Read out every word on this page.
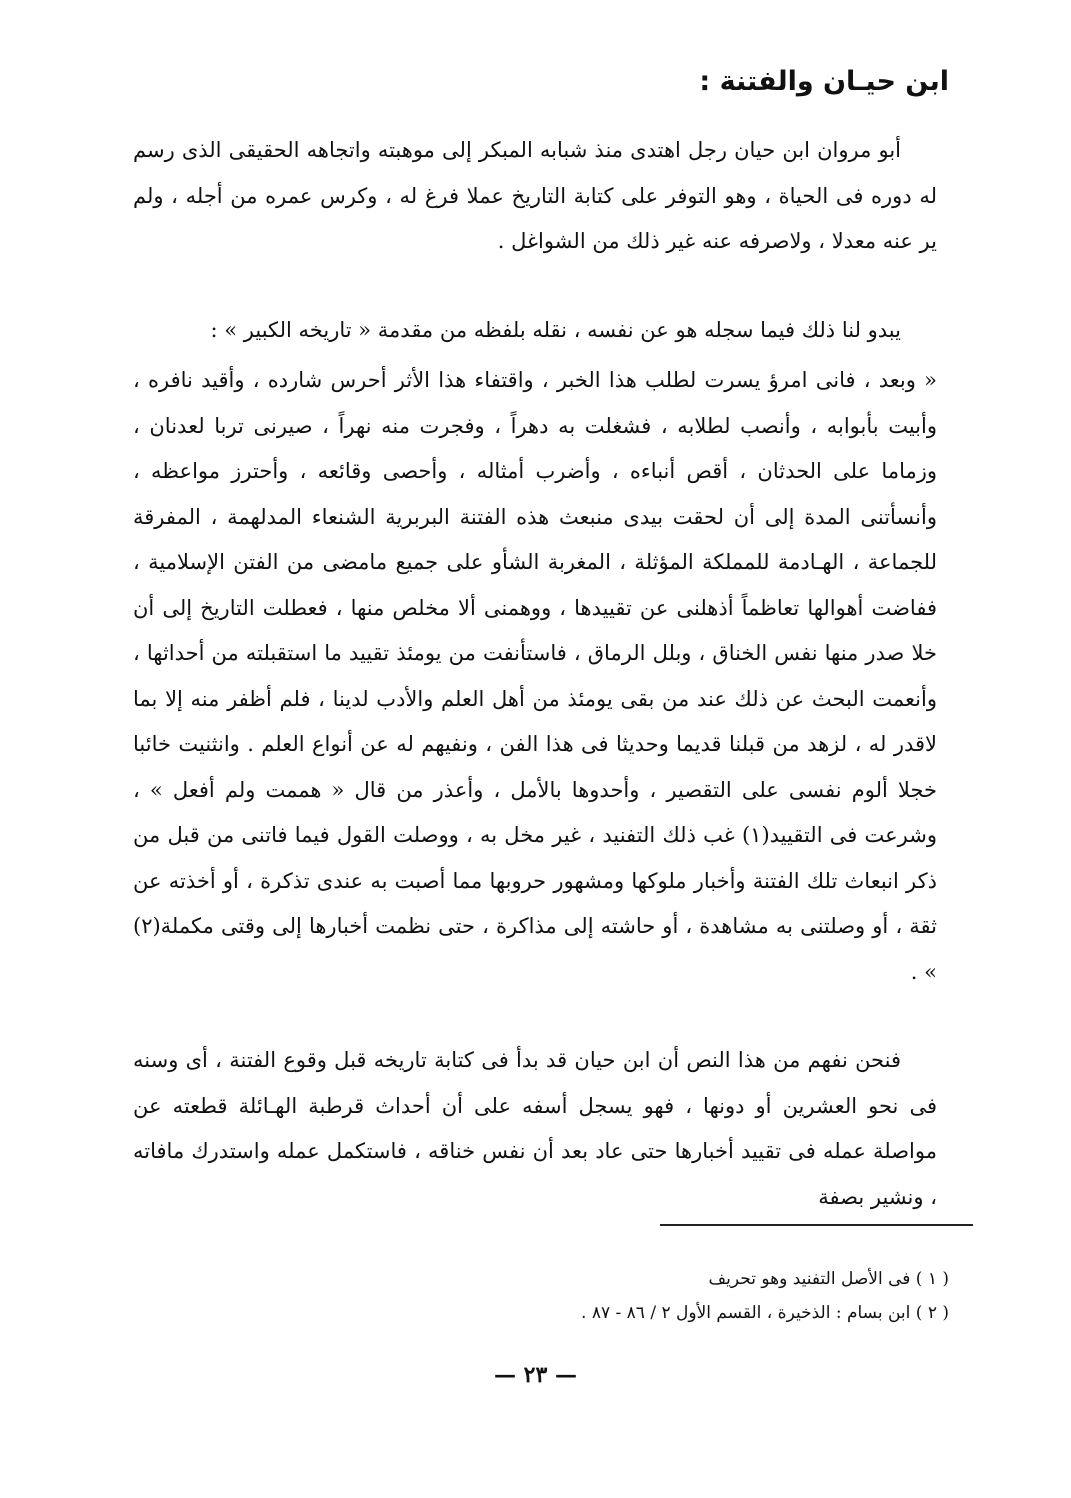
ابن حيـان والفتنة :

أبو مروان ابن حيان رجل اهتدى منذ شبابه المبكر إلى موهبته واتجاهه الحقيقى الذى رسم له دوره فى الحياة ، وهو التوفر على كتابة التاريخ عملا فرغ له ، وكرس عمره من أجله ، ولم ير عنه معدلا ، ولاصرفه عنه غير ذلك من الشواغل .

يبدو لنا ذلك فيما سجله هو عن نفسه ، نقله بلفظه من مقدمة « تاريخه الكبير » :

« وبعد ، فانى امرؤ يسرت لطلب هذا الخبر ، واقتفاء هذا الأثر أحرس شارده ، وأقيد نافره ، وأبيت بأبوابه ، وأنصب لطلابه ، فشغلت به دهراً ، وفجرت منه نهراً ، صيرنى تربا لعدنان ، وزماما على الحدثان ، أقص أنباءه ، وأضرب أمثاله ، وأحصى وقائعه ، وأحترز مواعظه ، وأنسأتنى المدة إلى أن لحقت بيدى منبعث هذه الفتنة البربرية الشنعاء المدلهمة ، المفرقة للجماعة ، الهـادمة للمملكة المؤثلة ، المغربة الشأو على جميع مامضى من الفتن الإسلامية ، ففاضت أهوالها تعاظماً أذهلنى عن تقييدها ، ووهمنى ألا مخلص منها ، فعطلت التاريخ إلى أن خلا صدر منها نفس الخناق ، وبلل الرماق ، فاستأنفت من يومئذ تقييد ما استقبلته من أحداثها ، وأنعمت البحث عن ذلك عند من بقى يومئذ من أهل العلم والأدب لدينا ، فلم أظفر منه إلا بما لاقدر له ، لزهد من قبلنا قديما وحديثا فى هذا الفن ، ونفيهم له عن أنواع العلم . وانثنيت خائبا خجلا ألوم نفسى على التقصير ، وأحدوها بالأمل ، وأعذر من قال « هممت ولم أفعل » ، وشرعت فى التقييد(١) غب ذلك التفنيد ، غير مخل به ، ووصلت القول فيما فاتنى من قبل من ذكر انبعاث تلك الفتنة وأخبار ملوكها ومشهور حروبها مما أصبت به عندى تذكرة ، أو أخذته عن ثقة ، أو وصلتنى به مشاهدة ، أو حاشته إلى مذاكرة ، حتى نظمت أخبارها إلى وقتى مكملة(٢) » .

فنحن نفهم من هذا النص أن ابن حيان قد بدأ فى كتابة تاريخه قبل وقوع الفتنة ، أى وسنه فى نحو العشرين أو دونها ، فهو يسجل أسفه على أن أحداث قرطبة الهـائلة قطعته عن مواصلة عمله فى تقييد أخبارها حتى عاد بعد أن نفس خناقه ، فاستكمل عمله واستدرك مافاته ، ونشير بصفة

( ١ ) فى الأصل التفنيد وهو تحريف
( ٢ ) ابن بسام : الذخيرة ، القسم الأول ٢ / ٨٦ - ٨٧ .
— ٢٣ —
